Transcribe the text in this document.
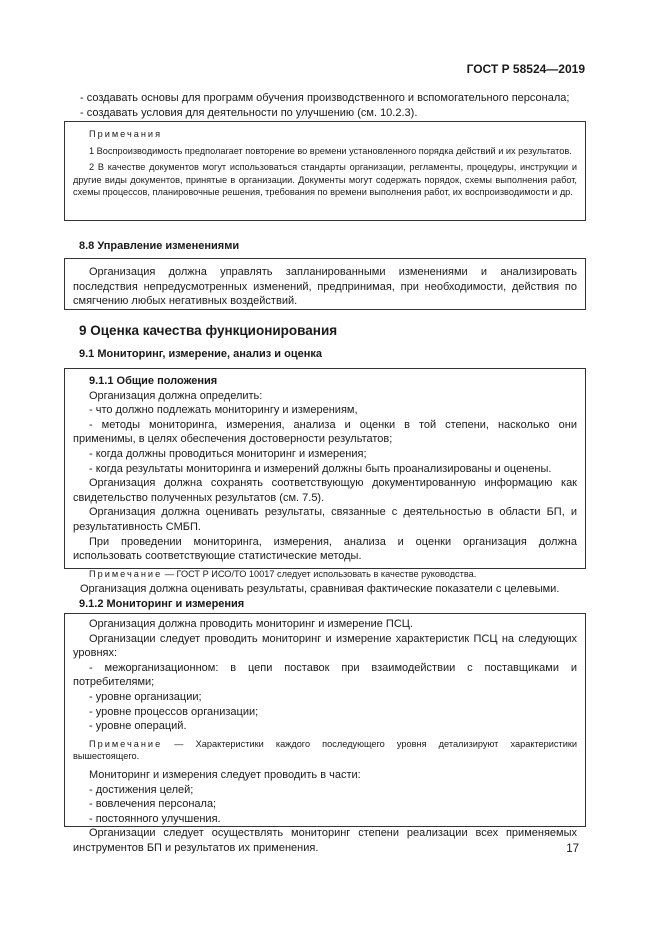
ГОСТ Р 58524—2019

- создавать основы для программ обучения производственного и вспомогательного персонала;

- создавать условия для деятельности по улучшению (см. 10.2.3).

Примечания

1 Воспроизводимость предполагает повторение во времени установленного порядка действий и их результатов.

2 В качестве документов могут использоваться стандарты организации, регламенты, процедуры, инструкции и другие виды документов, принятые в организации. Документы могут содержать порядок, схемы выполнения работ, схемы процессов, планировочные решения, требования по времени выполнения работ, их воспроизводимости и др.

8.8 Управление изменениями

Организация должна управлять запланированными изменениями и анализировать последствия непредусмотренных изменений, предпринимая, при необходимости, действия по смягчению любых негативных воздействий.

9 Оценка качества функционирования

9.1 Мониторинг, измерение, анализ и оценка

9.1.1 Общие положения

Организация должна определить:

- что должно подлежать мониторингу и измерениям,

- методы мониторинга, измерения, анализа и оценки в той степени, насколько они применимы, в целях обеспечения достоверности результатов;

- когда должны проводиться мониторинг и измерения;

- когда результаты мониторинга и измерений должны быть проанализированы и оценены.

Организация должна сохранять соответствующую документированную информацию как свидетельство полученных результатов (см. 7.5).

Организация должна оценивать результаты, связанные с деятельностью в области БП, и результативность СМБП.

При проведении мониторинга, измерения, анализа и оценки организация должна использовать соответствующие статистические методы.

Примечание — ГОСТ Р ИСО/ТО 10017 следует использовать в качестве руководства.

Организация должна оценивать результаты, сравнивая фактические показатели с целевыми.

9.1.2 Мониторинг и измерения

Организация должна проводить мониторинг и измерение ПСЦ.

Организации следует проводить мониторинг и измерение характеристик ПСЦ на следующих уровнях:

- межорганизационном: в цепи поставок при взаимодействии с поставщиками и потребителями;

- уровне организации;

- уровне процессов организации;

- уровне операций.

Примечание — Характеристики каждого последующего уровня детализируют характеристики вышестоящего.

Мониторинг и измерения следует проводить в части:

- достижения целей;

- вовлечения персонала;

- постоянного улучшения.

Организации следует осуществлять мониторинг степени реализации всех применяемых инструментов БП и результатов их применения.	17
